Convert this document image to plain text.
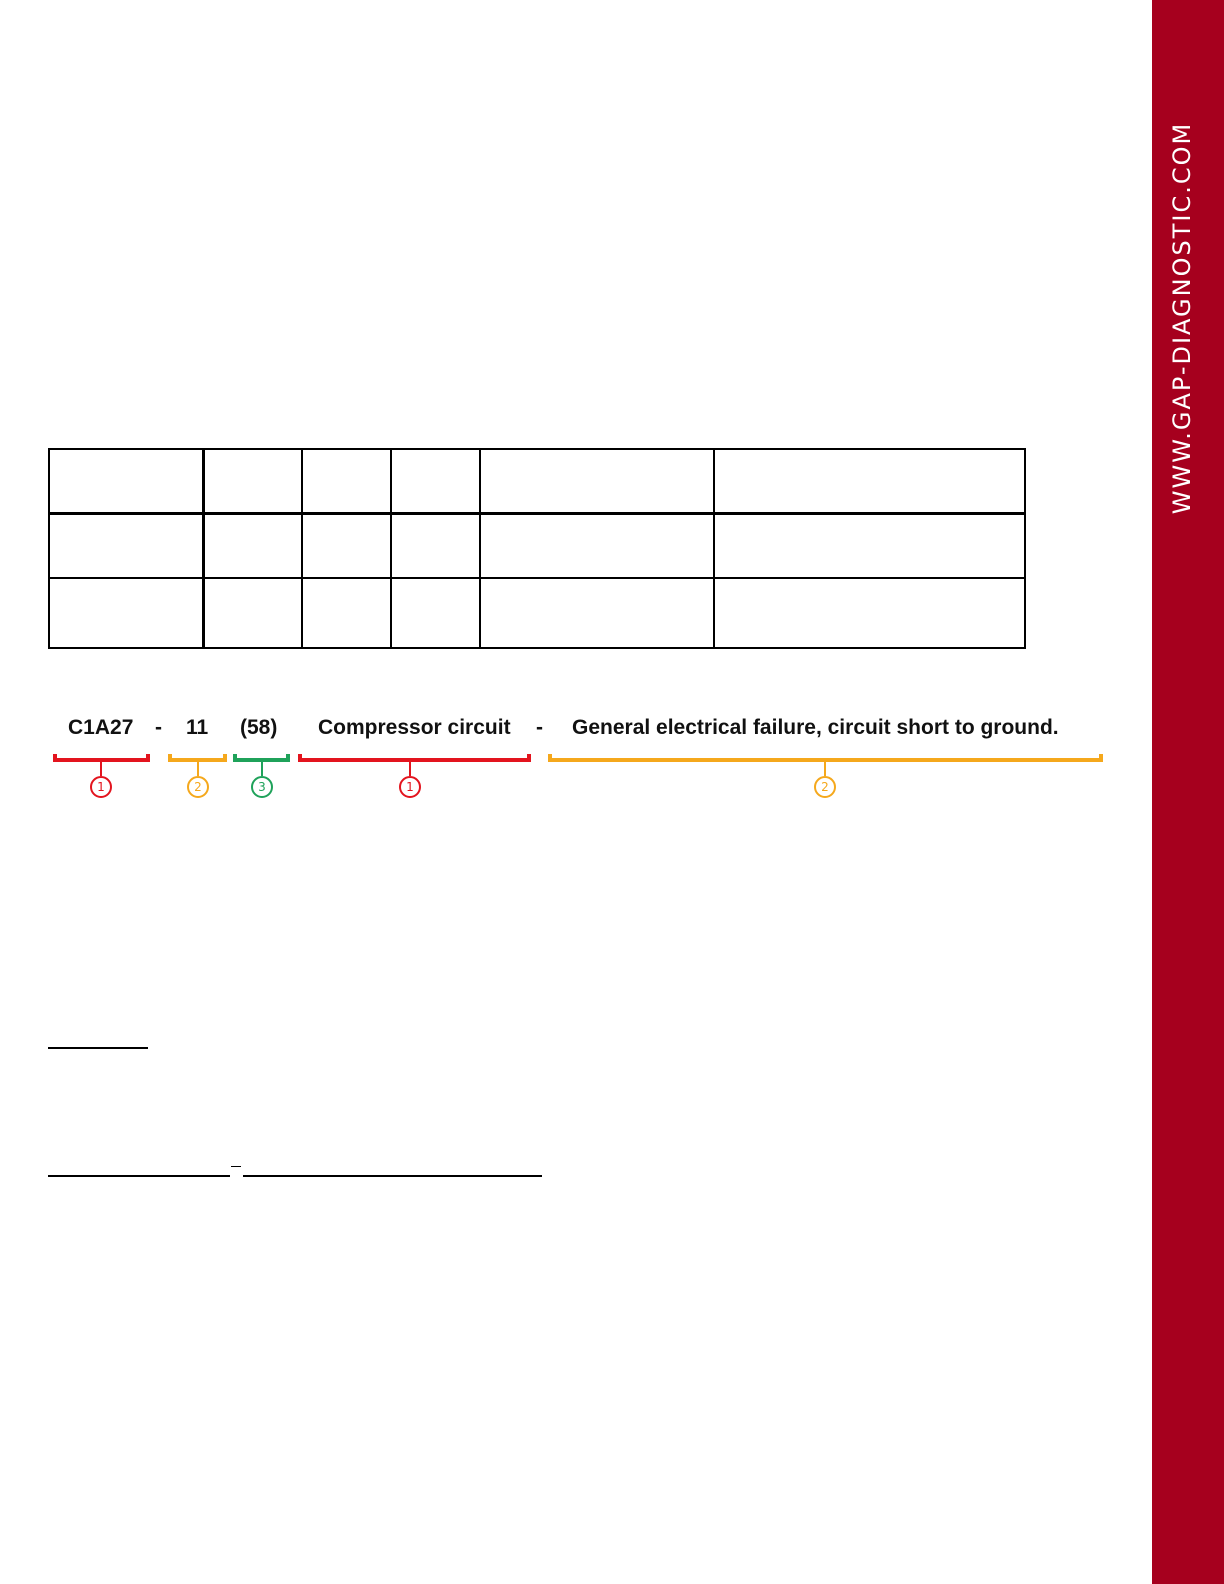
WWW.GAP-DIAGNOSTIC.COM

C1A27 - 11 (58) Compressor circuit - General electrical failure, circuit short to ground.
1	2	3	1	2
